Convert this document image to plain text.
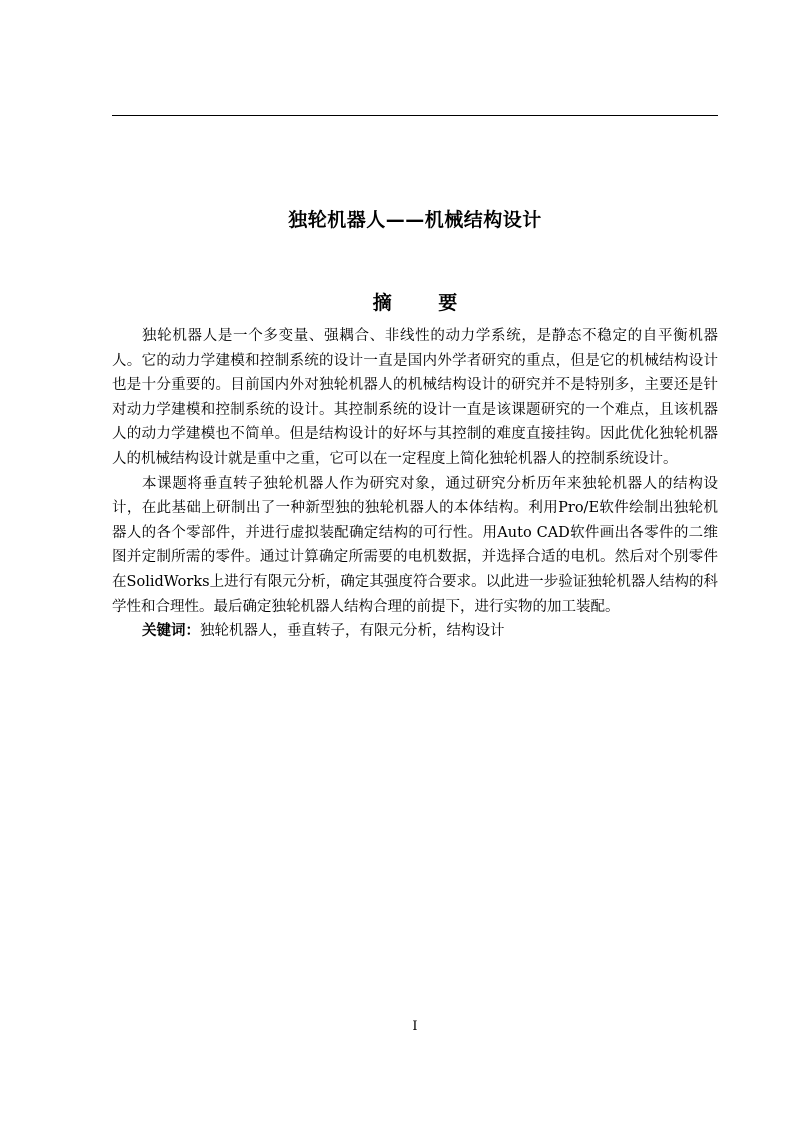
独轮机器人——机械结构设计
摘 要

独轮机器人是一个多变量、强耦合、非线性的动力学系统，是静态不稳定的自平衡机器人。它的动力学建模和控制系统的设计一直是国内外学者研究的重点，但是它的机械结构设计也是十分重要的。目前国内外对独轮机器人的机械结构设计的研究并不是特别多，主要还是针对动力学建模和控制系统的设计。其控制系统的设计一直是该课题研究的一个难点，且该机器人的动力学建模也不简单。但是结构设计的好坏与其控制的难度直接挂钩。因此优化独轮机器人的机械结构设计就是重中之重，它可以在一定程度上简化独轮机器人的控制系统设计。

本课题将垂直转子独轮机器人作为研究对象，通过研究分析历年来独轮机器人的结构设计，在此基础上研制出了一种新型独的独轮机器人的本体结构。利用Pro/E软件绘制出独轮机器人的各个零部件，并进行虚拟装配确定结构的可行性。用Auto CAD软件画出各零件的二维图并定制所需的零件。通过计算确定所需要的电机数据，并选择合适的电机。然后对个别零件在SolidWorks上进行有限元分析，确定其强度符合要求。以此进一步验证独轮机器人结构的科学性和合理性。最后确定独轮机器人结构合理的前提下，进行实物的加工装配。

关键词：独轮机器人，垂直转子，有限元分析，结构设计

I
